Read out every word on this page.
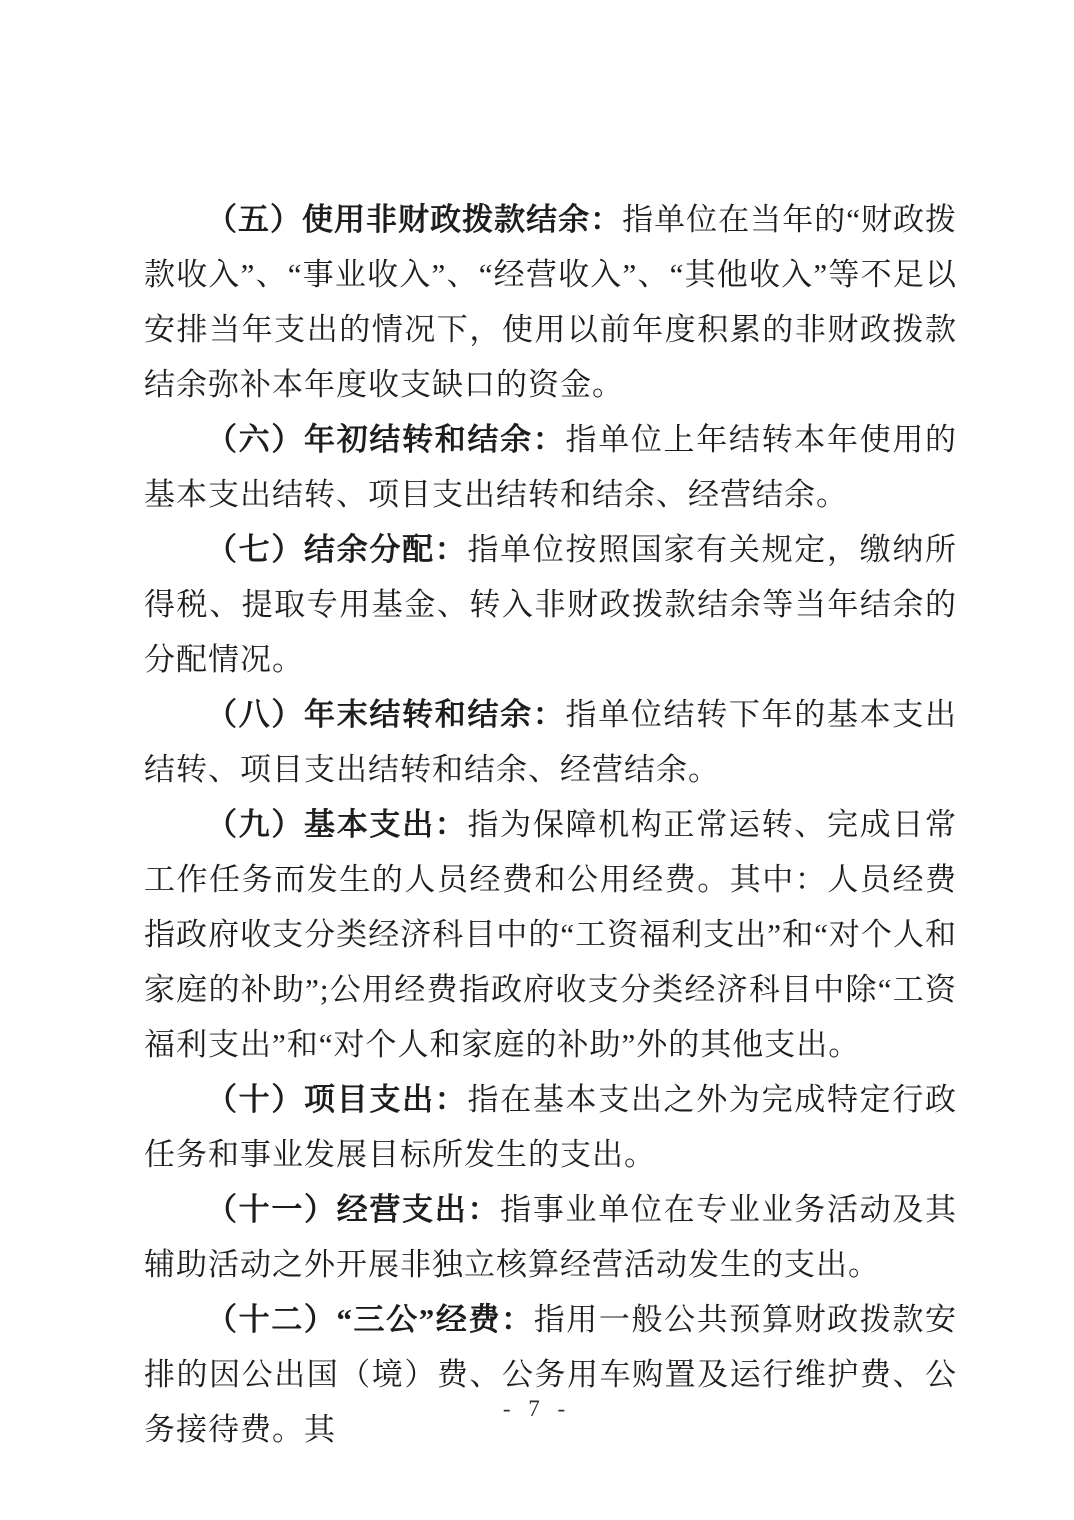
（五）使用非财政拨款结余：指单位在当年的“财政拨款收入”、“事业收入”、“经营收入”、“其他收入”等不足以安排当年支出的情况下，使用以前年度积累的非财政拨款结余弥补本年度收支缺口的资金。

（六）年初结转和结余：指单位上年结转本年使用的基本支出结转、项目支出结转和结余、经营结余。

（七）结余分配：指单位按照国家有关规定，缴纳所得税、提取专用基金、转入非财政拨款结余等当年结余的分配情况。

（八）年末结转和结余：指单位结转下年的基本支出结转、项目支出结转和结余、经营结余。

（九）基本支出：指为保障机构正常运转、完成日常工作任务而发生的人员经费和公用经费。其中：人员经费指政府收支分类经济科目中的“工资福利支出”和“对个人和家庭的补助”;公用经费指政府收支分类经济科目中除“工资福利支出”和“对个人和家庭的补助”外的其他支出。

（十）项目支出：指在基本支出之外为完成特定行政任务和事业发展目标所发生的支出。

（十一）经营支出：指事业单位在专业业务活动及其辅助活动之外开展非独立核算经营活动发生的支出。

（十二）“三公”经费：指用一般公共预算财政拨款安排的因公出国（境）费、公务用车购置及运行维护费、公务接待费。其

- 7 -
